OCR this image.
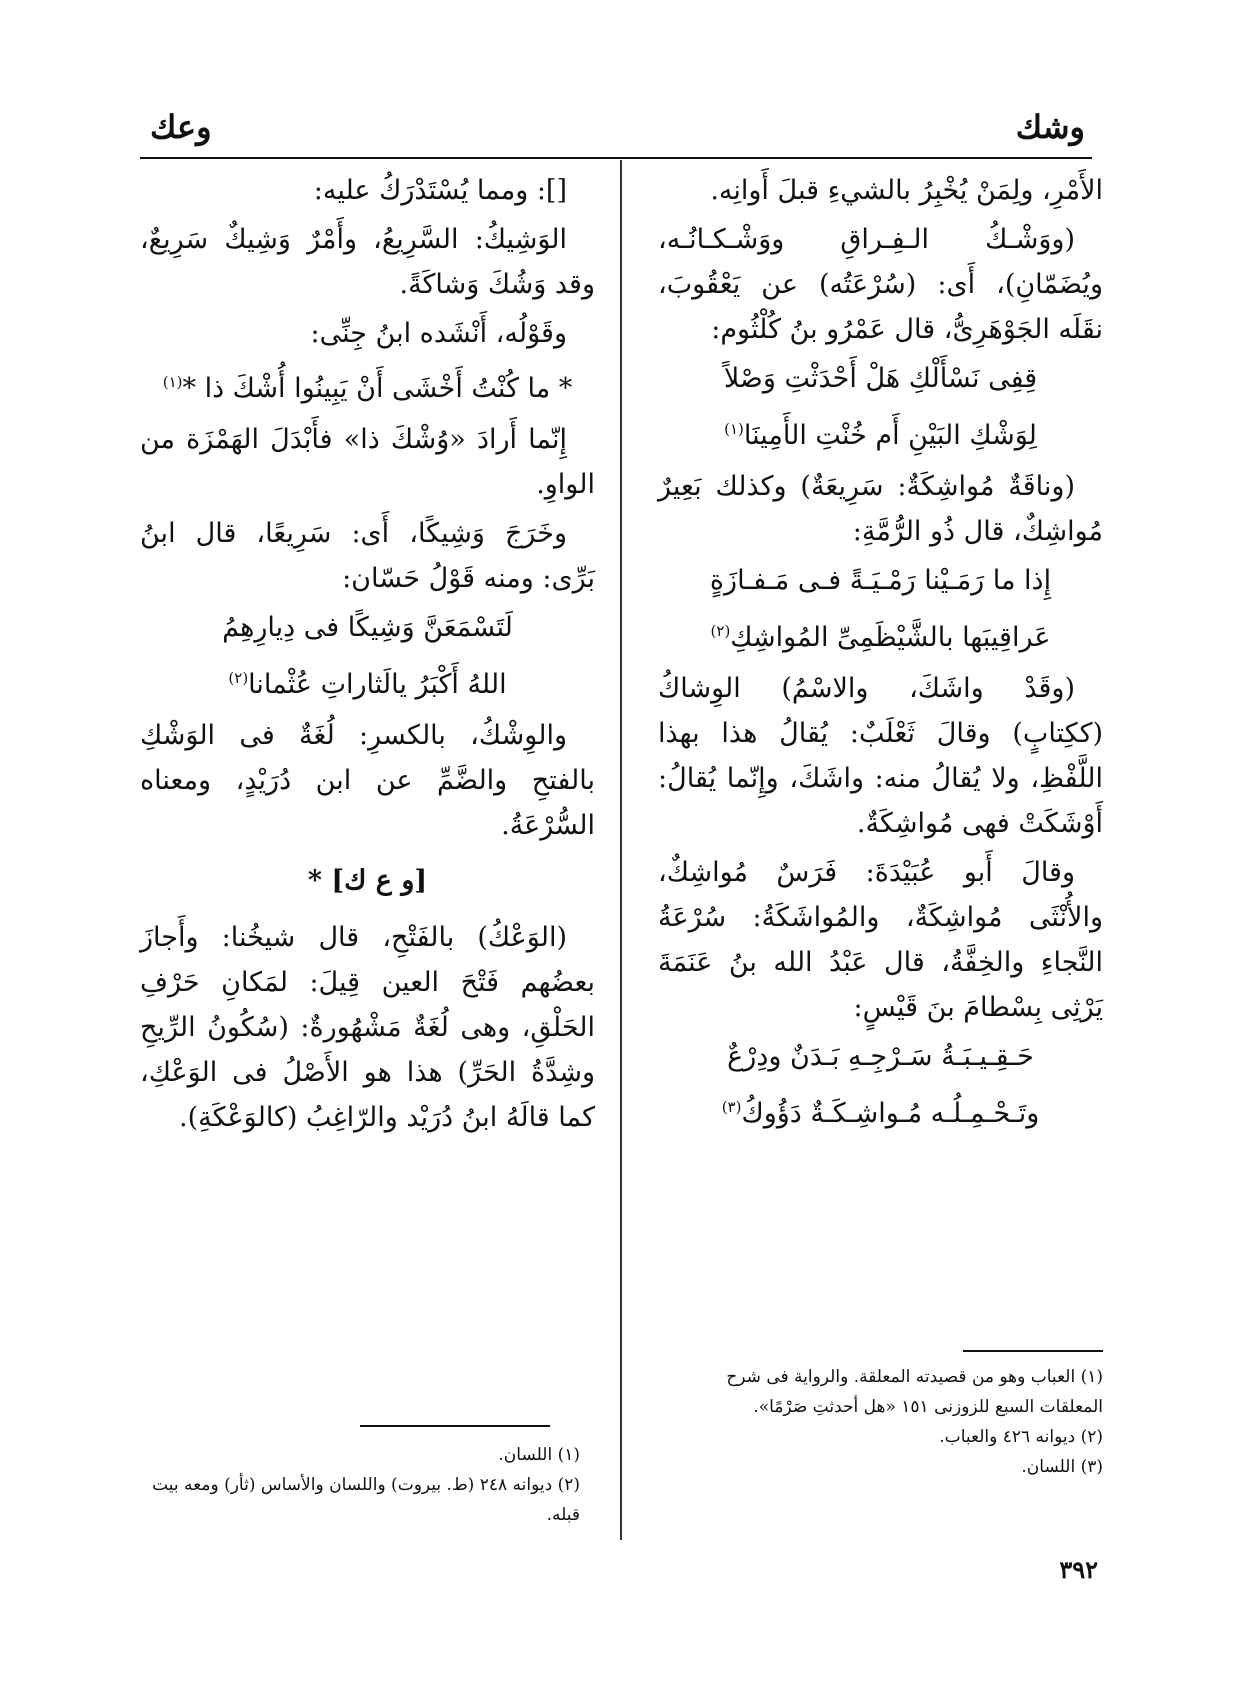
وشك
وعك

الأَمْرِ، ولِمَنْ يُخْبِرُ بالشيءِ قبلَ أَوانِه.

(ووَشْـكُ الـفِـراقِ ووَشْـكـانُـه، ويُضَمّانِ)، أَى: (سُرْعَتُه) عن يَعْقُوبَ، نقَلَه الجَوْهَرِىُّ، قال عَمْرُو بنُ كُلْثُوم:

قِفِى نَسْأَلْكِ هَلْ أَحْدَثْتِ وَصْلاً
لِوَشْكِ البَيْنِ أَم خُنْتِ الأَمِينَا$^{(١)}$

(وناقَةٌ مُواشِكَةٌ: سَرِيعَةٌ) وكذلك بَعِيرٌ مُواشِكٌ، قال ذُو الرُّمَّةِ:

إِذا ما رَمَـيْنا رَمْـيَـةً فـى مَـفـازَةٍ
عَراقِيبَها بالشَّيْظَمِىِّ المُواشِكِ$^{(٢)}$

(وقَدْ واشَكَ، والاسْمُ) الوِشاكُ (ككِتابٍ) وقالَ ثَعْلَبٌ: يُقالُ هذا بهذا اللَّفْظِ، ولا يُقالُ منه: واشَكَ، وإِنّما يُقالُ: أَوْشَكَتْ فهى مُواشِكَةٌ.

وقالَ أَبو عُبَيْدَةَ: فَرَسٌ مُواشِكٌ، والأُنْثَى مُواشِكَةٌ، والمُواشَكَةُ: سُرْعَةُ النَّجاءِ والخِفَّةُ، قال عَبْدُ الله بنُ عَنَمَةَ يَرْثِى بِسْطامَ بنَ قَيْسٍ:

حَـقِـيـبَـةُ سَـرْجِـهِ بَـدَنٌ ودِرْعٌ
وتَـحْـمِـلُـه مُـواشِـكَـةٌ دَؤُوكُ$^{(٣)}$

[]: ومما يُسْتَدْرَكُ عليه:

الوَشِيكُ: السَّرِيعُ، وأَمْرٌ وَشِيكٌ سَرِيعٌ، وقد وَشُكَ وَشاكَةً.

وقَوْلُه، أَنْشَده ابنُ جِنِّى:

* ما كُنْتُ أَخْشَى أَنْ يَبِينُوا أُشْكَ ذا *$^{(١)}$

إِنّما أَرادَ «وُشْكَ ذا» فأَبْدَلَ الهَمْزَة من الواوِ.

وخَرَجَ وَشِيكًا، أَى: سَرِيعًا، قال ابنُ بَرِّى: ومنه قَوْلُ حَسّان:

لَتَسْمَعَنَّ وَشِيكًا فى دِيارِهِمُ
اللهُ أَكْبَرُ يالَثاراتِ عُثْمانا$^{(٢)}$

والوِشْكُ، بالكسرِ: لُغَةٌ فى الوَشْكِ بالفتحِ والضَّمِّ عن ابن دُرَيْدٍ، ومعناه السُّرْعَةُ.

[و ع ك] *

(الوَعْكُ) بالفَتْحِ، قال شيخُنا: وأَجازَ بعضُهم فَتْحَ العين قِيلَ: لمَكانِ حَرْفِ الحَلْقِ، وهى لُغَةٌ مَشْهُورةٌ: (سُكُونُ الرِّيحِ وشِدَّةُ الحَرِّ) هذا هو الأَصْلُ فى الوَعْكِ، كما قالَهُ ابنُ دُرَيْد والرّاغِبُ (كالوَعْكَةِ).

(١) العباب وهو من قصيدته المعلقة. والرواية فى شرح المعلقات السبع للزوزنى ١٥١ «هل أحدثتِ صَرْمًا».

(٢) ديوانه ٤٢٦ والعباب.

(٣) اللسان.

(١) اللسان.

(٢) ديوانه ٢٤٨ (ط. بيروت) واللسان والأساس (ثأر) ومعه بيت قبله.

٣٩٢
